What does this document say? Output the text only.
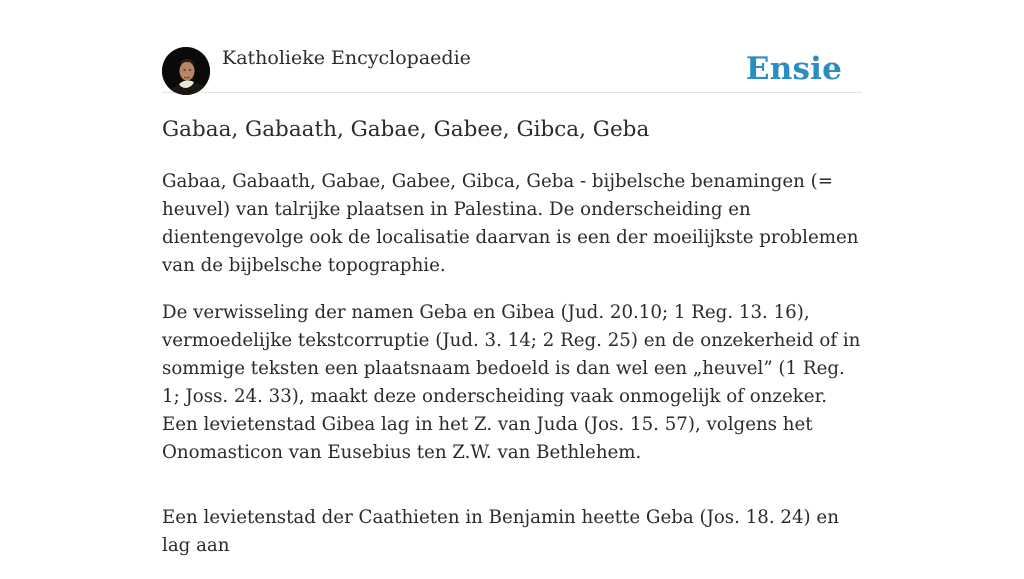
Katholieke Encyclopaedie	Ensie
Gabaa, Gabaath, Gabae, Gabee, Gibca, Geba

Gabaa, Gabaath, Gabae, Gabee, Gibca, Geba - bijbelsche benamingen (= heuvel) van talrijke plaatsen in Palestina. De onderscheiding en dientengevolge ook de localisatie daarvan is een der moeilijkste problemen van de bijbelsche topographie.

De verwisseling der namen Geba en Gibea (Jud. 20.10; 1 Reg. 13. 16), vermoedelijke tekstcorruptie (Jud. 3. 14; 2 Reg. 25) en de onzekerheid of in sommige teksten een plaatsnaam bedoeld is dan wel een „heuvel” (1 Reg. 1; Joss. 24. 33), maakt deze onderscheiding vaak onmogelijk of onzeker. Een levietenstad Gibea lag in het Z. van Juda (Jos. 15. 57), volgens het Onomasticon van Eusebius ten Z.W. van Bethlehem.

Een levietenstad der Caathieten in Benjamin heette Geba (Jos. 18. 24) en lag aan
